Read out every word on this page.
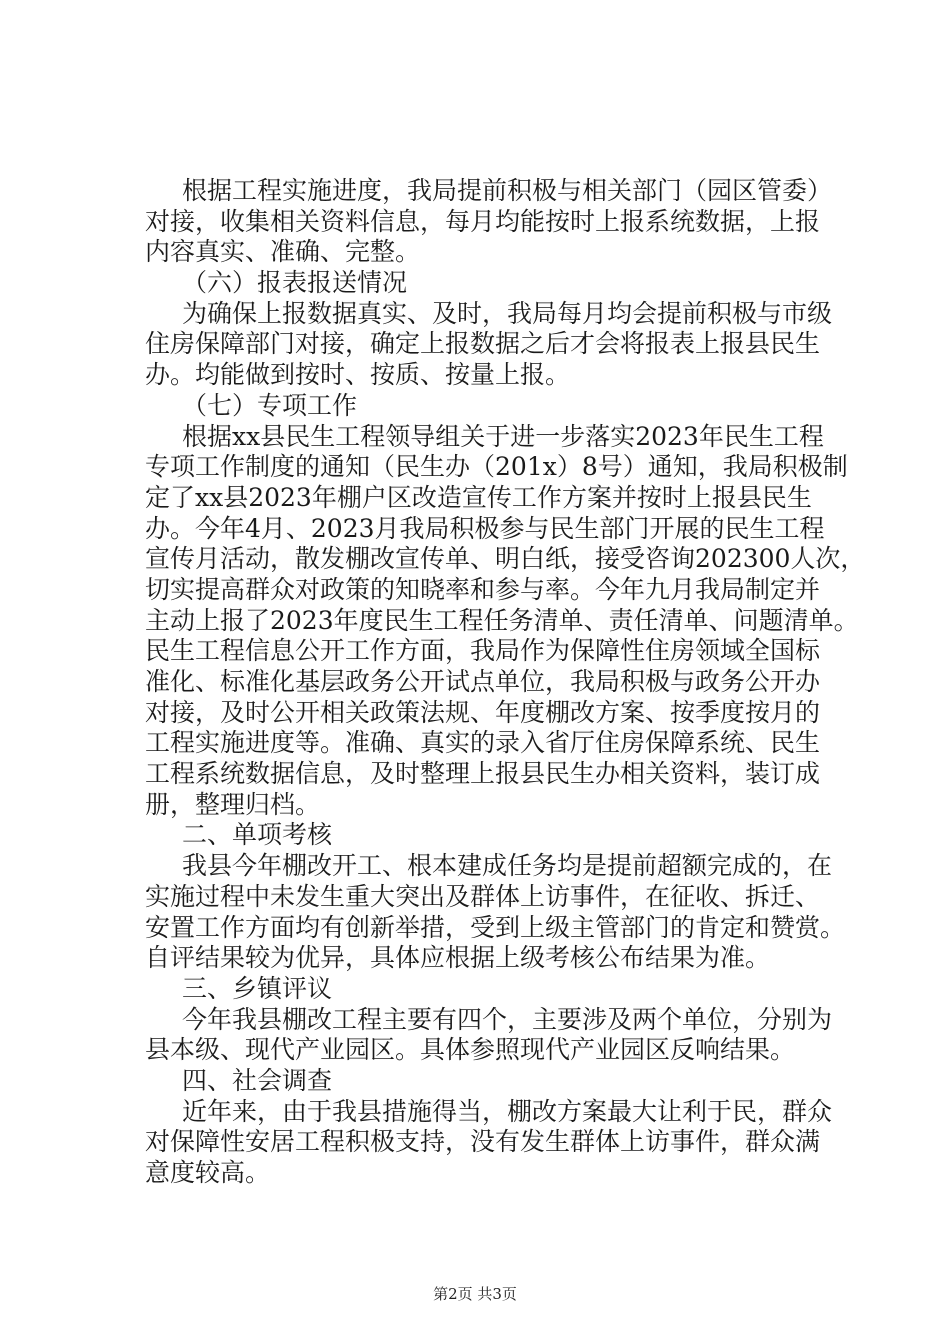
根据工程实施进度，我局提前积极与相关部门（园区管委）
对接，收集相关资料信息，每月均能按时上报系统数据，上报
内容真实、准确、完整。
（六）报表报送情况
为确保上报数据真实、及时，我局每月均会提前积极与市级
住房保障部门对接，确定上报数据之后才会将报表上报县民生
办。均能做到按时、按质、按量上报。
（七）专项工作
根据xx县民生工程领导组关于进一步落实2023年民生工程
专项工作制度的通知（民生办（201x）8号）通知，我局积极制
定了xx县2023年棚户区改造宣传工作方案并按时上报县民生
办。今年4月、2023月我局积极参与民生部门开展的民生工程
宣传月活动，散发棚改宣传单、明白纸，接受咨询202300人次，
切实提高群众对政策的知晓率和参与率。今年九月我局制定并
主动上报了2023年度民生工程任务清单、责任清单、问题清单。
民生工程信息公开工作方面，我局作为保障性住房领域全国标
准化、标准化基层政务公开试点单位，我局积极与政务公开办
对接，及时公开相关政策法规、年度棚改方案、按季度按月的
工程实施进度等。准确、真实的录入省厅住房保障系统、民生
工程系统数据信息，及时整理上报县民生办相关资料，装订成
册，整理归档。
二、单项考核
我县今年棚改开工、根本建成任务均是提前超额完成的，在
实施过程中未发生重大突出及群体上访事件，在征收、拆迁、
安置工作方面均有创新举措，受到上级主管部门的肯定和赞赏。
自评结果较为优异，具体应根据上级考核公布结果为准。
三、乡镇评议
今年我县棚改工程主要有四个，主要涉及两个单位，分别为
县本级、现代产业园区。具体参照现代产业园区反响结果。
四、社会调查
近年来，由于我县措施得当，棚改方案最大让利于民，群众
对保障性安居工程积极支持，没有发生群体上访事件，群众满
意度较高。
第2页 共3页
